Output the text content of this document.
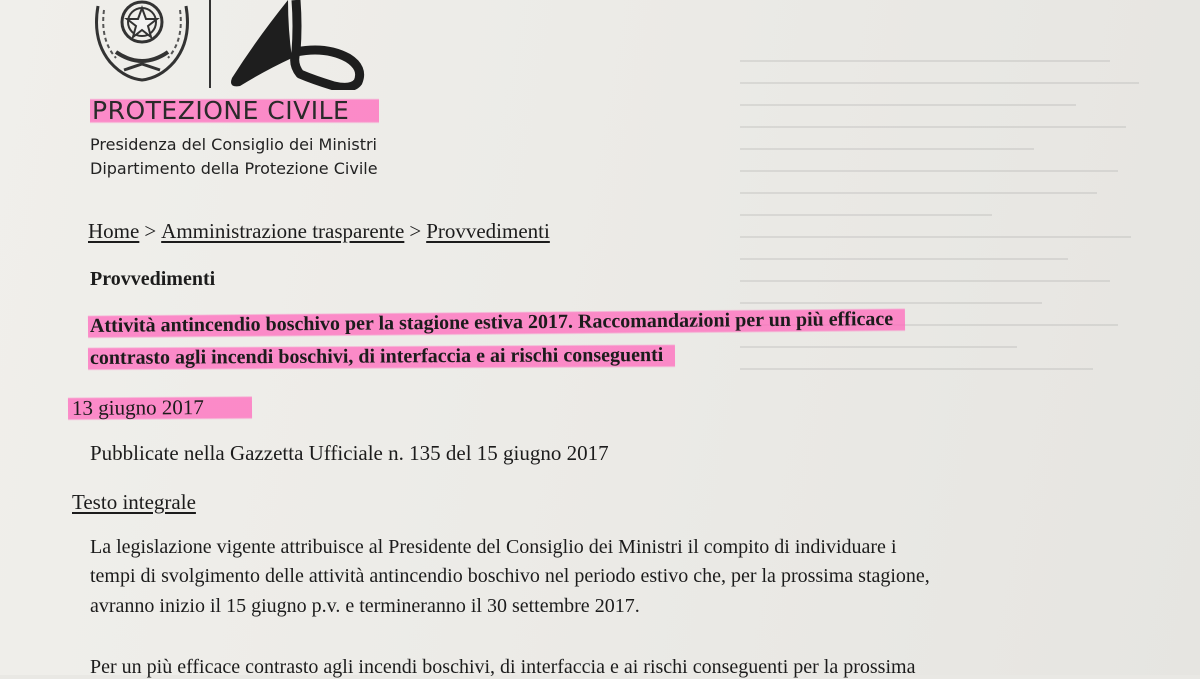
PROTEZIONE CIVILE
Presidenza del Consiglio dei Ministri
Dipartimento della Protezione Civile
Home > Amministrazione trasparente > Provvedimenti
Provvedimenti
Attività antincendio boschivo per la stagione estiva 2017. Raccomandazioni per un più efficace
contrasto agli incendi boschivi, di interfaccia e ai rischi conseguenti
13 giugno 2017
Pubblicate nella Gazzetta Ufficiale n. 135 del 15 giugno 2017
Testo integrale
La legislazione vigente attribuisce al Presidente del Consiglio dei Ministri il compito di individuare i
tempi di svolgimento delle attività antincendio boschivo nel periodo estivo che, per la prossima stagione,
avranno inizio il 15 giugno p.v. e termineranno il 30 settembre 2017.
Per un più efficace contrasto agli incendi boschivi, di interfaccia e ai rischi conseguenti per la prossima
